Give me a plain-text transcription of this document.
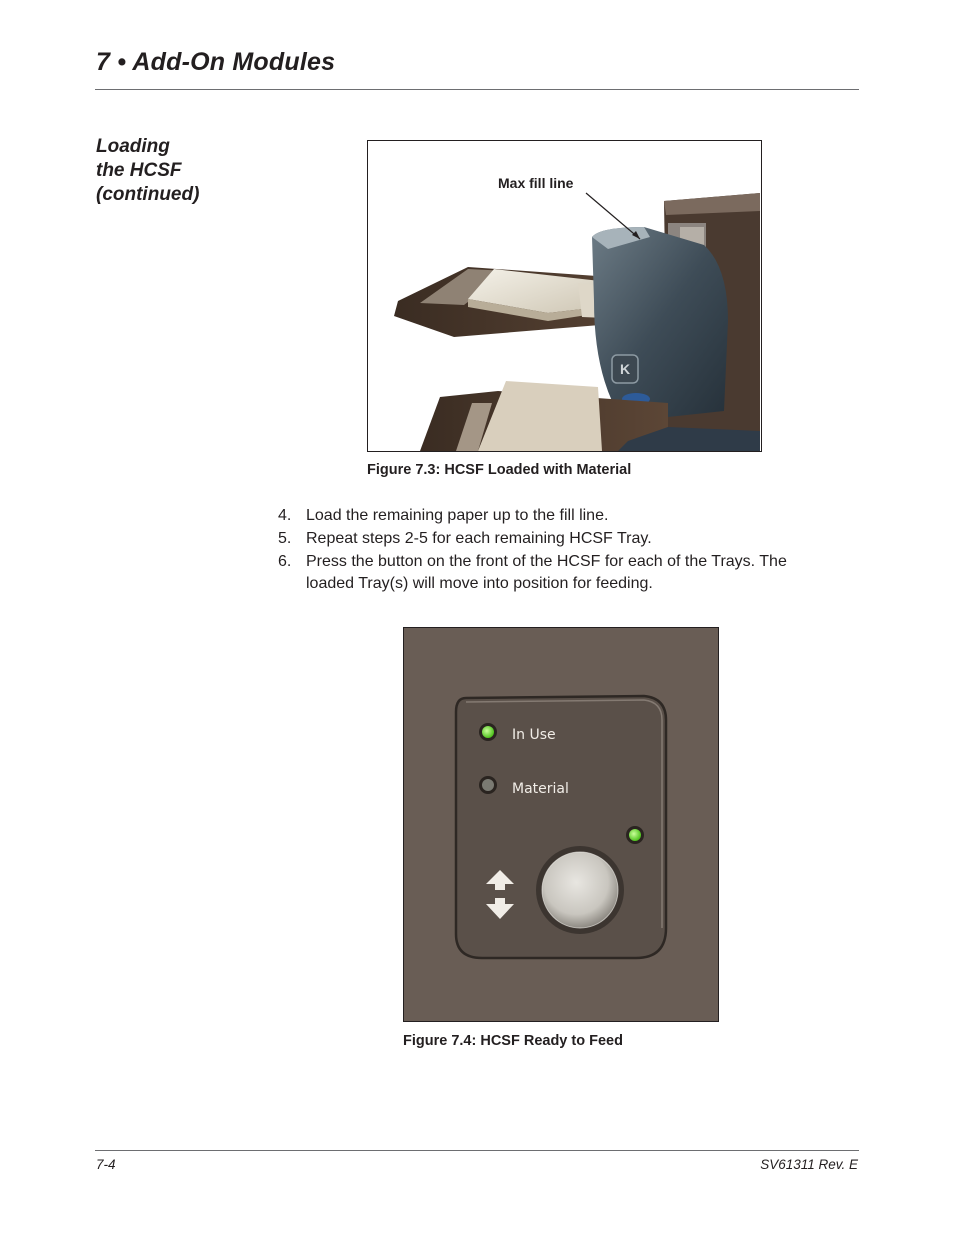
7 • Add-On Modules
Loading
the HCSF
(continued)
K
Max fill line

Figure 7.3: HCSF Loaded with Material

4. Load the remaining paper up to the fill line.
5. Repeat steps 2-5 for each remaining HCSF Tray.
6. Press the button on the front of the HCSF for each of the Trays. The loaded Tray(s) will move into position for feeding.
In Use
Material

Figure 7.4: HCSF Ready to Feed

7-4	SV61311 Rev. E
